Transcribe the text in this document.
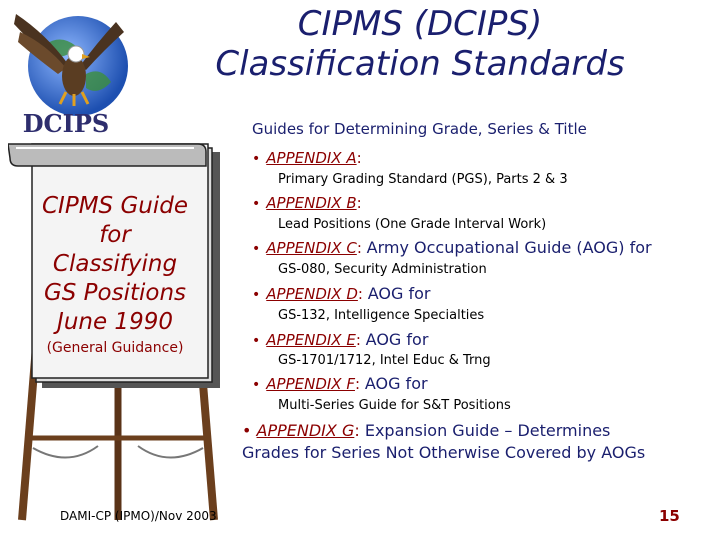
DCIPS
CIPMS (DCIPS)
Classification Standards
Guides for Determining Grade, Series & Title
CIPMS Guide
for
Classifying
GS Positions
June 1990
(General Guidance)
• APPENDIX A:
Primary Grading Standard (PGS), Parts 2 & 3
• APPENDIX B:
Lead Positions (One Grade Interval Work)
• APPENDIX C: Army Occupational Guide (AOG) for
GS-080, Security Administration
• APPENDIX D: AOG for
GS-132, Intelligence Specialties
• APPENDIX E: AOG for
GS-1701/1712, Intel Educ & Trng
• APPENDIX F: AOG for
Multi-Series Guide for S&T Positions
• APPENDIX G: Expansion Guide – Determines
Grades for Series Not Otherwise Covered by AOGs
DAMI-CP (IPMO)/Nov 2003	15
